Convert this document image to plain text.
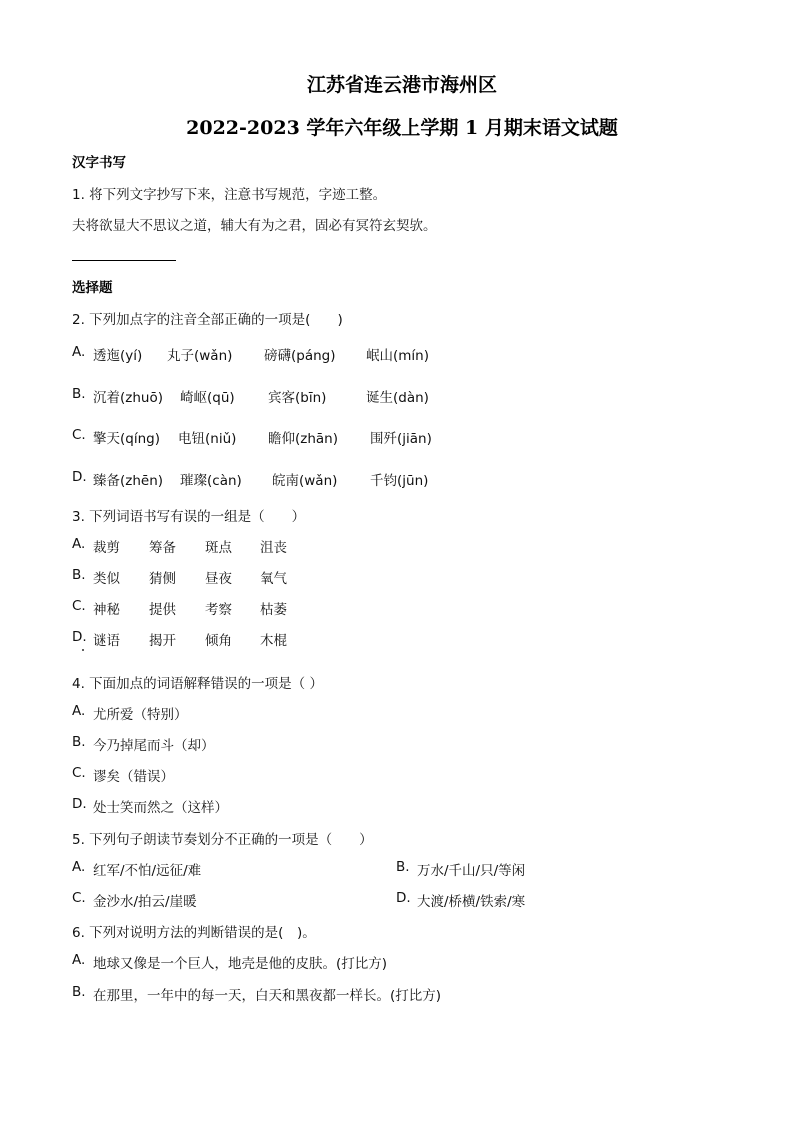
江苏省连云港市海州区
2022-2023 学年六年级上学期 1 月期末语文试题
汉字书写
1. 将下列文字抄写下来，注意书写规范，字迹工整。
夫将欲显大不思议之道，辅大有为之君，固必有冥符玄契欤。
选择题
2. 下列加点字的注音全部正确的一项是(　　)
A. 透迤(yí) 丸子(wǎn) 磅礴(páng) 岷山(mín)
B. 沉着(zhuō) 崎岖(qū) 宾客(bīn)	诞生(dàn)
C. 擎天(qíng) 电钮(niǔ) 瞻仰(zhān) 围歼(jiān)
D. 臻备(zhēn) 璀璨(càn) 皖南(wǎn) 千钧(jūn)
3. 下列词语书写有误的一组是（　　）
A. 裁剪 筹备 斑点 沮丧
B. 类似 猜侧 昼夜 氧气
C. 神秘 提供 考察 枯萎
D. 谜语 揭开 倾角 木棍
4. 下面加点的词语解释错误的一项是（ ）
A. 尤所爱（特别）
B. 今乃掉尾而斗（却）
C. 谬矣（错误）
D. 处士笑而然之（这样）
5. 下列句子朗读节奏划分不正确的一项是（　　）
A. 红军/不怕/远征/难	B. 万水/千山/只/等闲
C. 金沙水/拍云/崖暖	D. 大渡/桥横/铁索/寒
6. 下列对说明方法的判断错误的是(　)。
A. 地球又像是一个巨人，地壳是他的皮肤。(打比方)
B. 在那里，一年中的每一天，白天和黑夜都一样长。(打比方)
